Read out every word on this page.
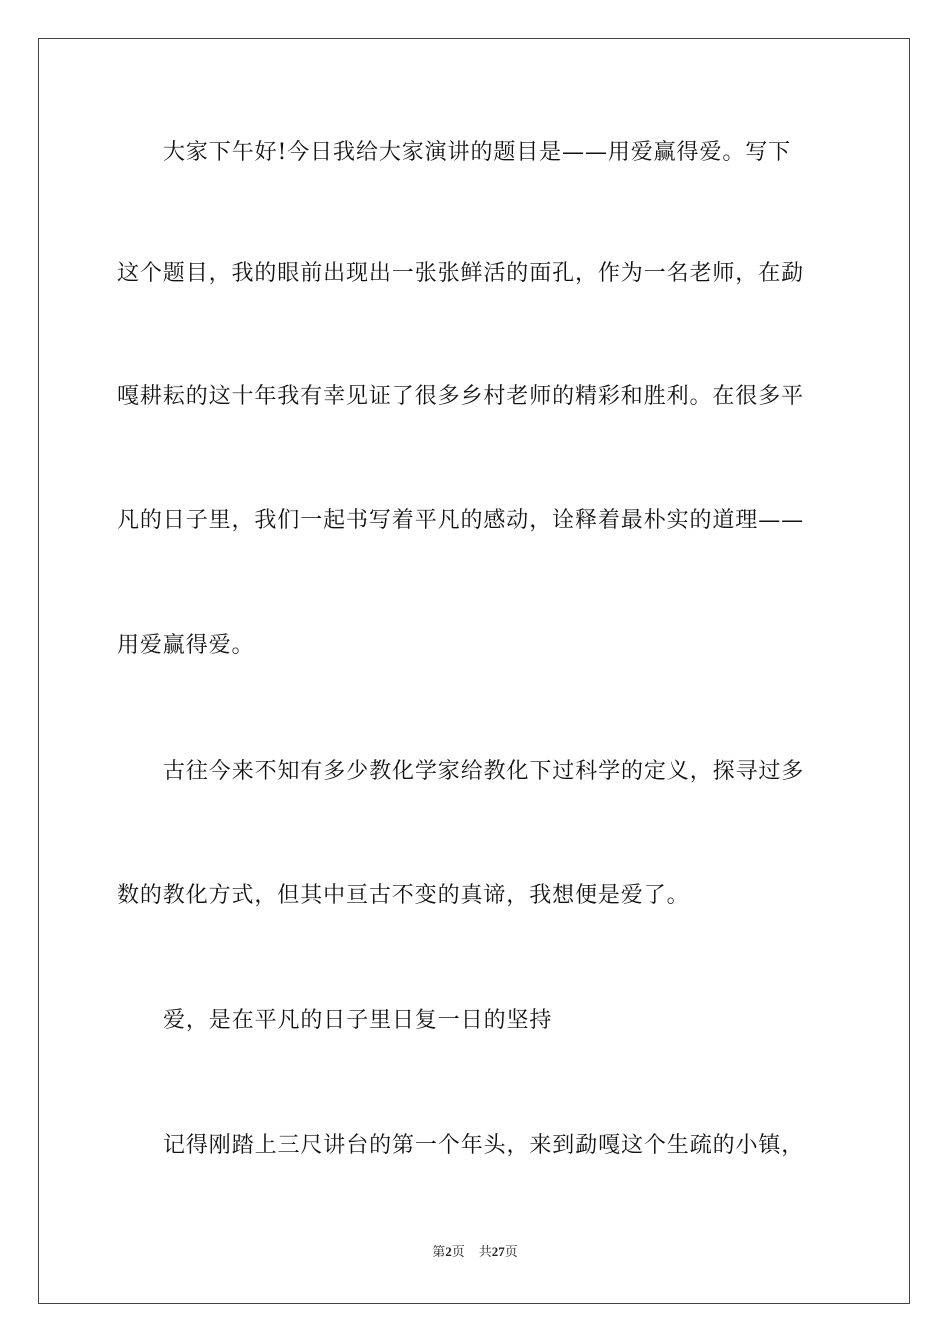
大家下午好!今日我给大家演讲的题目是——用爱赢得爱。写下
这个题目，我的眼前出现出一张张鲜活的面孔，作为一名老师，在勐
嘎耕耘的这十年我有幸见证了很多乡村老师的精彩和胜利。在很多平
凡的日子里，我们一起书写着平凡的感动，诠释着最朴实的道理——
用爱赢得爱。
古往今来不知有多少教化学家给教化下过科学的定义，探寻过多
数的教化方式，但其中亘古不变的真谛，我想便是爱了。
爱，是在平凡的日子里日复一日的坚持
记得刚踏上三尺讲台的第一个年头，来到勐嘎这个生疏的小镇，
第2页 共27页
